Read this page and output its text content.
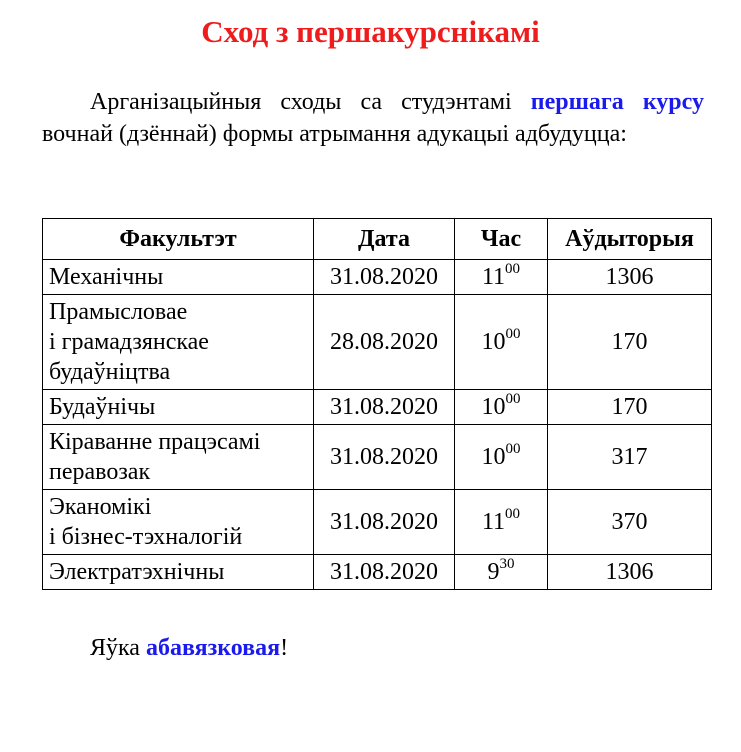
Сход з першакурснікамі

Арганізацыйныя сходы са студэнтамі першага курсу вочнай (дзённай) формы атрымання адукацыі адбудуцца:

Факультэт	Дата	Час	Аўдыторыя

Механічны	31.08.2020	$11^{00}$	1306

Прамысловае
і грамадзянскае
будаўніцтва	28.08.2020	$10^{00}$	170

Будаўнічы	31.08.2020	$10^{00}$	170

Кіраванне працэсамі
перавозак	31.08.2020	$10^{00}$	317

Эканомікі
і бізнес-тэхналогій	31.08.2020	$11^{00}$	370

Электратэхнічны	31.08.2020	$9^{30}$	1306

Яўка абавязковая!
